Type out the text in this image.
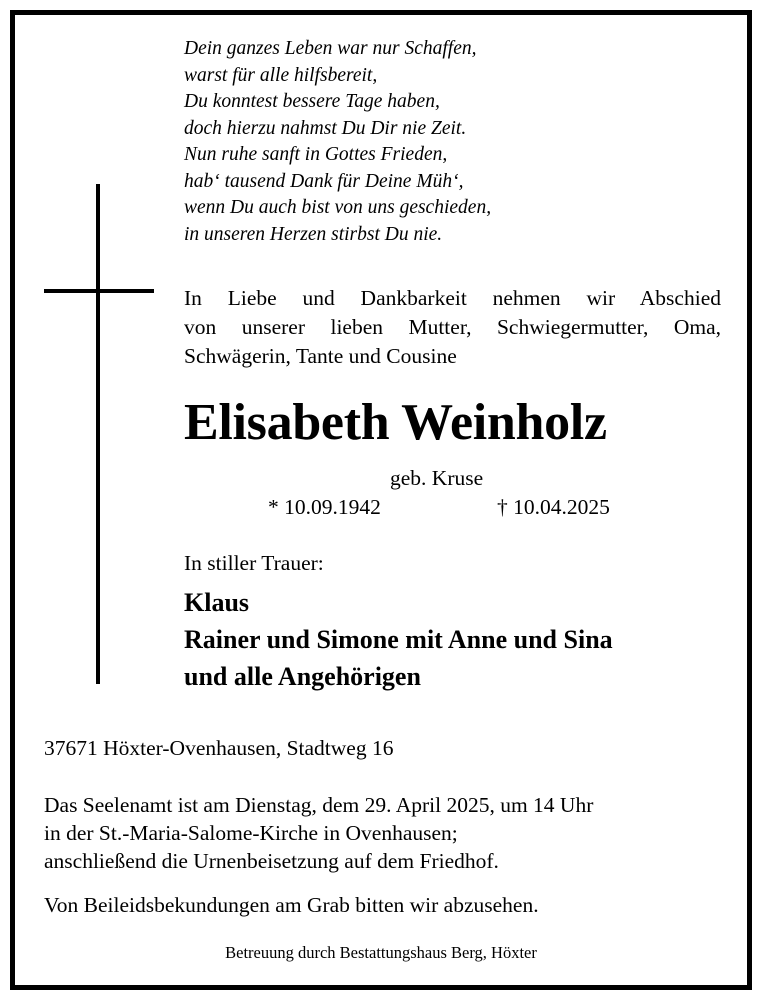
Dein ganzes Leben war nur Schaffen,
warst für alle hilfsbereit,
Du konntest bessere Tage haben,
doch hierzu nahmst Du Dir nie Zeit.
Nun ruhe sanft in Gottes Frieden,
hab‘ tausend Dank für Deine Müh‘,
wenn Du auch bist von uns geschieden,
in unseren Herzen stirbst Du nie.
In Liebe und Dankbarkeit nehmen wir Abschied
von unserer lieben Mutter, Schwiegermutter, Oma,
Schwägerin, Tante und Cousine
Elisabeth Weinholz
geb. Kruse
* 10.09.1942	† 10.04.2025
In stiller Trauer:
Klaus
Rainer und Simone mit Anne und Sina
und alle Angehörigen
37671 Höxter-Ovenhausen, Stadtweg 16
Das Seelenamt ist am Dienstag, dem 29. April 2025, um 14 Uhr
in der St.-Maria-Salome-Kirche in Ovenhausen;
anschließend die Urnenbeisetzung auf dem Friedhof.
Von Beileidsbekundungen am Grab bitten wir abzusehen.
Betreuung durch Bestattungshaus Berg, Höxter
